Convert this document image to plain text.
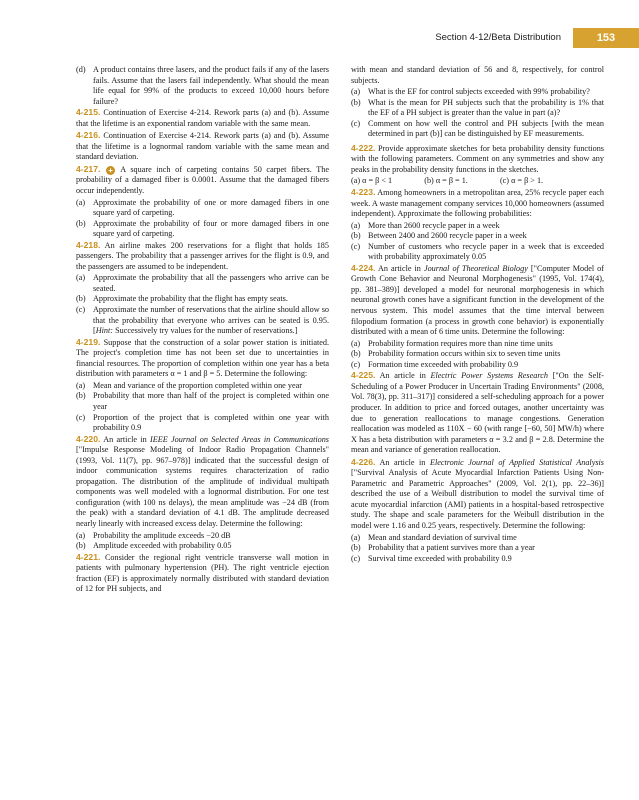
Section 4-12/Beta Distribution	153
(d) A product contains three lasers, and the product fails if any of the lasers fails. Assume that the lasers fail independently. What should the mean life equal for 99% of the products to exceed 10,000 hours before failure?

4-215. Continuation of Exercise 4-214. Rework parts (a) and (b). Assume that the lifetime is an exponential random variable with the same mean.

4-216. Continuation of Exercise 4-214. Rework parts (a) and (b). Assume that the lifetime is a lognormal random variable with the same mean and standard deviation.

4-217. + A square inch of carpeting contains 50 carpet fibers. The probability of a damaged fiber is 0.0001. Assume that the damaged fibers occur independently.

(a) Approximate the probability of one or more damaged fibers in one square yard of carpeting.
(b) Approximate the probability of four or more damaged fibers in one square yard of carpeting.

4-218. An airline makes 200 reservations for a flight that holds 185 passengers. The probability that a passenger arrives for the flight is 0.9, and the passengers are assumed to be independent.

(a) Approximate the probability that all the passengers who arrive can be seated.
(b) Approximate the probability that the flight has empty seats.
(c) Approximate the number of reservations that the airline should allow so that the probability that everyone who arrives can be seated is 0.95. [Hint: Successively try values for the number of reservations.]

4-219. Suppose that the construction of a solar power station is initiated. The project's completion time has not been set due to uncertainties in financial resources. The proportion of completion within one year has a beta distribution with parameters α = 1 and β = 5. Determine the following:

(a) Mean and variance of the proportion completed within one year
(b) Probability that more than half of the project is completed within one year
(c) Proportion of the project that is completed within one year with probability 0.9

4-220. An article in IEEE Journal on Selected Areas in Communications ["Impulse Response Modeling of Indoor Radio Propagation Channels" (1993, Vol. 11(7), pp. 967–978)] indicated that the successful design of indoor communication systems requires characterization of radio propagation. The distribution of the amplitude of individual multipath components was well modeled with a lognormal distribution. For one test configuration (with 100 ns delays), the mean amplitude was −24 dB (from the peak) with a standard deviation of 4.1 dB. The amplitude decreased nearly linearly with increased excess delay. Determine the following:

(a) Probability the amplitude exceeds −20 dB
(b) Amplitude exceeded with probability 0.05

4-221. Consider the regional right ventricle transverse wall motion in patients with pulmonary hypertension (PH). The right ventricle ejection fraction (EF) is approximately normally distributed with standard deviation of 12 for PH subjects, and

with mean and standard deviation of 56 and 8, respectively, for control subjects.

(a) What is the EF for control subjects exceeded with 99% probability?
(b) What is the mean for PH subjects such that the probability is 1% that the EF of a PH subject is greater than the value in part (a)?
(c) Comment on how well the control and PH subjects [with the mean determined in part (b)] can be distinguished by EF measurements.

4-222. Provide approximate sketches for beta probability density functions with the following parameters. Comment on any symmetries and show any peaks in the probability density functions in the sketches.

(a) α = β < 1	(b) α = β = 1.	(c) α = β > 1.

4-223. Among homeowners in a metropolitan area, 25% recycle paper each week. A waste management company services 10,000 homeowners (assumed independent). Approximate the following probabilities:

(a) More than 2600 recycle paper in a week
(b) Between 2400 and 2600 recycle paper in a week
(c) Number of customers who recycle paper in a week that is exceeded with probability approximately 0.05

4-224. An article in Journal of Theoretical Biology ["Computer Model of Growth Cone Behavior and Neuronal Morphogenesis" (1995, Vol. 174(4), pp. 381–389)] developed a model for neuronal morphogenesis in which neuronal growth cones have a significant function in the development of the nervous system. This model assumes that the time interval between filopodium formation (a process in growth cone behavior) is exponentially distributed with a mean of 6 time units. Determine the following:

(a) Probability formation requires more than nine time units
(b) Probability formation occurs within six to seven time units
(c) Formation time exceeded with probability 0.9

4-225. An article in Electric Power Systems Research ["On the Self-Scheduling of a Power Producer in Uncertain Trading Environments" (2008, Vol. 78(3), pp. 311–317)] considered a self-scheduling approach for a power producer. In addition to price and forced outages, another uncertainty was due to generation reallocations to manage congestions. Generation reallocation was modeled as 110X − 60 (with range [−60, 50] MW/h) where X has a beta distribution with parameters α = 3.2 and β = 2.8. Determine the mean and variance of generation reallocation.

4-226. An article in Electronic Journal of Applied Statistical Analysis ["Survival Analysis of Acute Myocardial Infarction Patients Using Non-Parametric and Parametric Approaches" (2009, Vol. 2(1), pp. 22–36)] described the use of a Weibull distribution to model the survival time of acute myocardial infarction (AMI) patients in a hospital-based retrospective study. The shape and scale parameters for the Weibull distribution in the model were 1.16 and 0.25 years, respectively. Determine the following:

(a) Mean and standard deviation of survival time
(b) Probability that a patient survives more than a year
(c) Survival time exceeded with probability 0.9
